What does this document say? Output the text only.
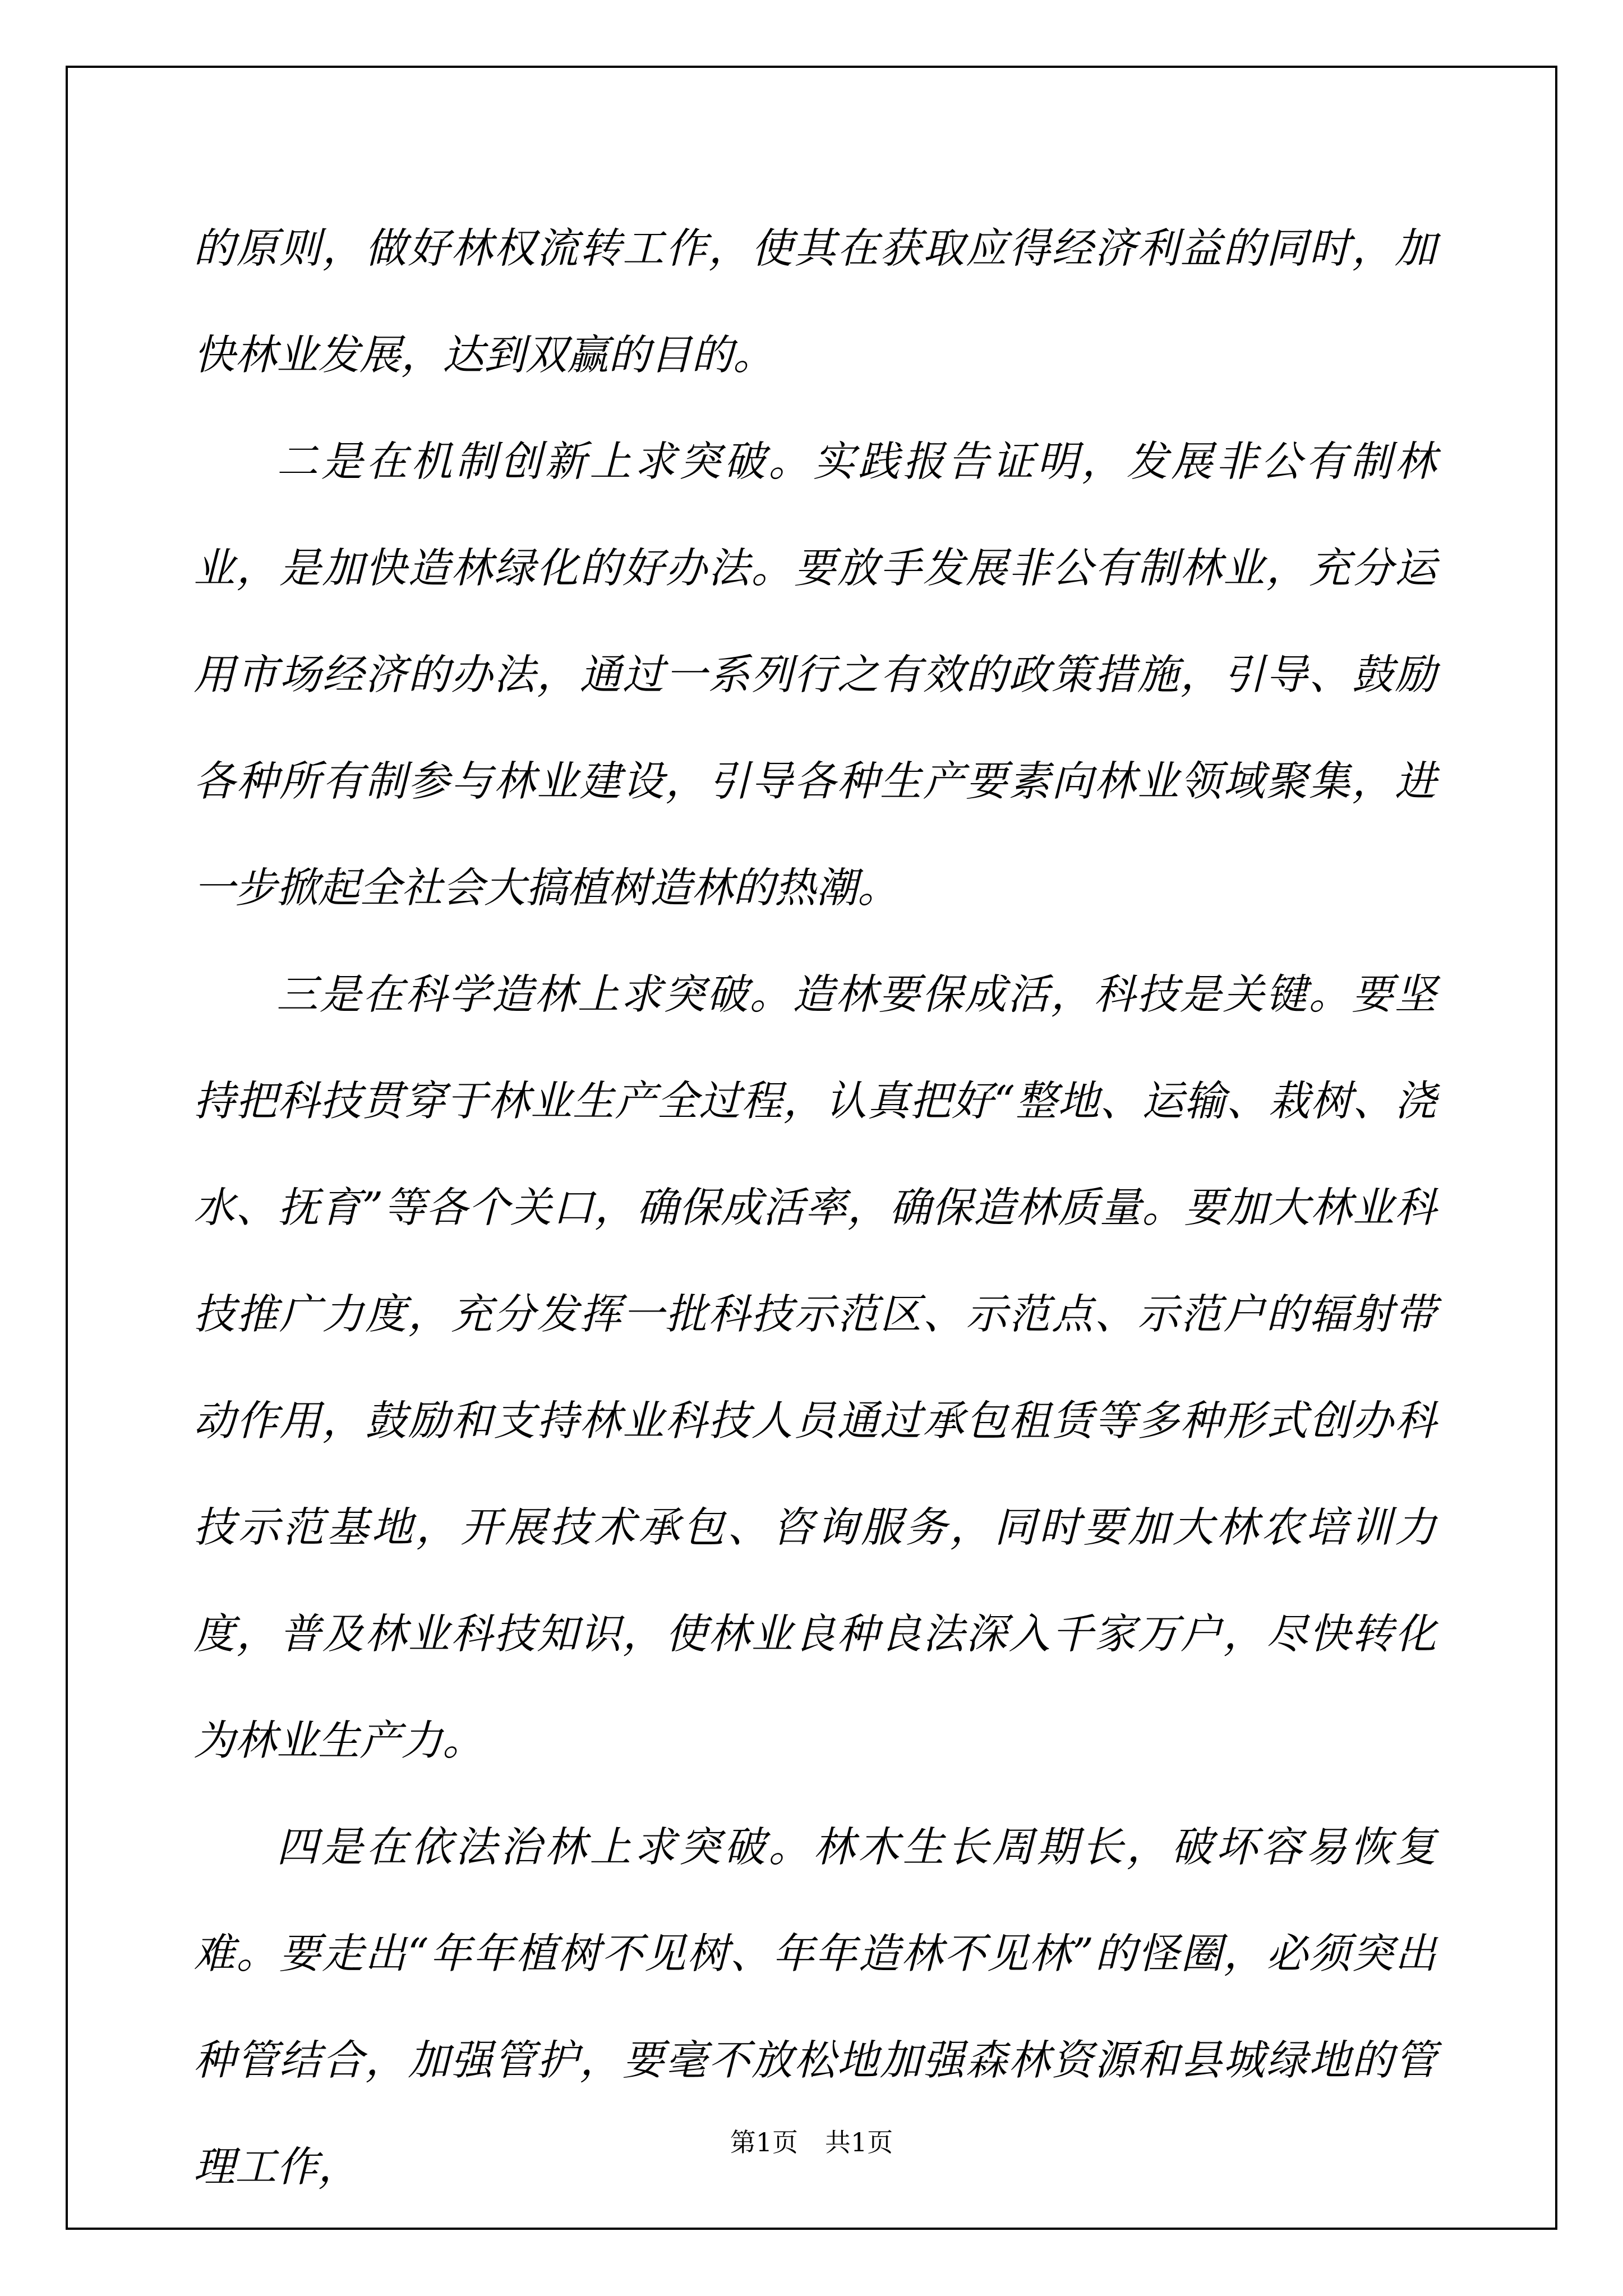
的原则，做好林权流转工作，使其在获取应得经济利益的同时，加快林业发展，达到双赢的目的。

二是在机制创新上求突破。实践报告证明，发展非公有制林业，是加快造林绿化的好办法。要放手发展非公有制林业，充分运用市场经济的办法，通过一系列行之有效的政策措施，引导、鼓励各种所有制参与林业建设，引导各种生产要素向林业领域聚集，进一步掀起全社会大搞植树造林的热潮。

三是在科学造林上求突破。造林要保成活，科技是关键。要坚持把科技贯穿于林业生产全过程，认真把好“整地、运输、栽树、浇水、抚育”等各个关口，确保成活率，确保造林质量。要加大林业科技推广力度，充分发挥一批科技示范区、示范点、示范户的辐射带动作用，鼓励和支持林业科技人员通过承包租赁等多种形式创办科技示范基地，开展技术承包、咨询服务，同时要加大林农培训力度，普及林业科技知识，使林业良种良法深入千家万户，尽快转化为林业生产力。

四是在依法治林上求突破。林木生长周期长，破坏容易恢复难。要走出“年年植树不见树、年年造林不见林”的怪圈，必须突出种管结合，加强管护，要毫不放松地加强森林资源和县城绿地的管理工作，

第1页 共1页
